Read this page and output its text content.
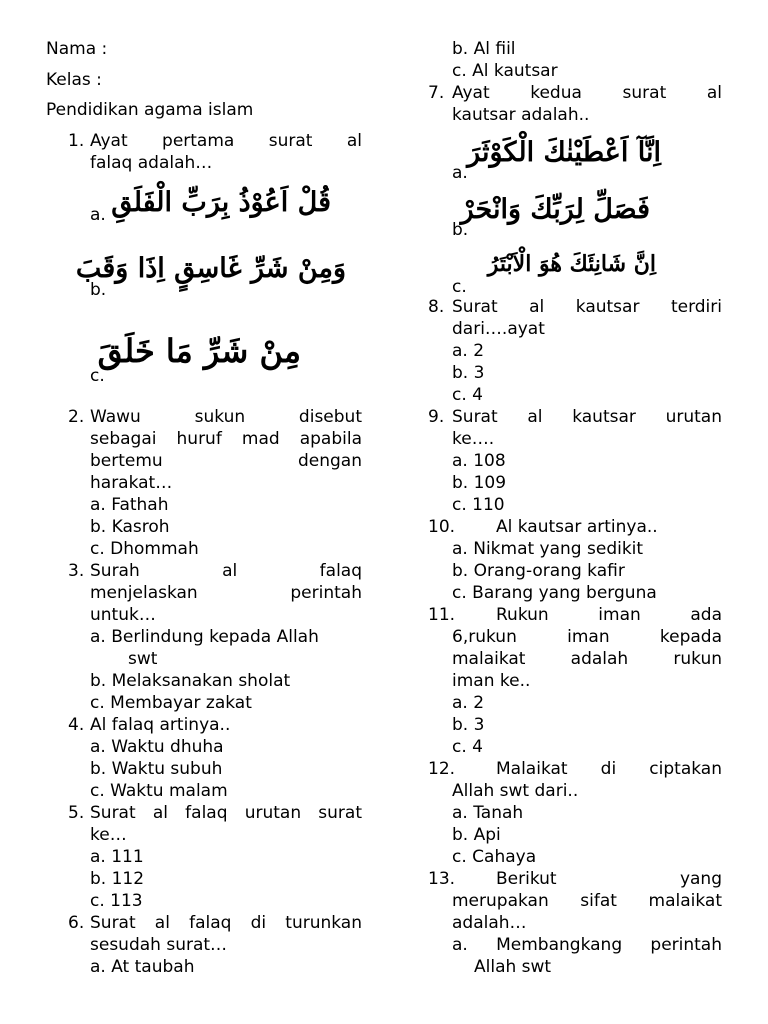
Nama :
Kelas :
Pendidikan agama islam
1. Ayat pertama surat al
falaq adalah…
a. قُلْ اَعُوْذُ بِرَبِّ الْفَلَقِ
b.
وَمِنْ شَرِّ غَاسِقٍ اِذَا وَقَبَ
c.
مِنْ شَرِّ مَا خَلَقَ
2. Wawu sukun disebut
sebagai huruf mad apabila
bertemu dengan
harakat…
a. Fathah
b. Kasroh
c. Dhommah
3. Surah al falaq
menjelaskan perintah
untuk…
a. Berlindung kepada Allah
swt
b. Melaksanakan sholat
c. Membayar zakat
4. Al falaq artinya..
a. Waktu dhuha
b. Waktu subuh
c. Waktu malam
5. Surat al falaq urutan surat
ke…
a. 111
b. 112
c. 113
6. Surat al falaq di turunkan
sesudah surat…
a. At taubah
b. Al fiil
c. Al kautsar
7. Ayat kedua surat al
kautsar adalah..
a.
اِنَّآ اَعْطَيْنٰكَ الْكَوْثَرَ
b.
فَصَلِّ لِرَبِّكَ وَانْحَرْ
c.
اِنَّ شَانِئَكَ هُوَ الْاَبْتَرُ
8. Surat al kautsar terdiri
dari….ayat
a. 2
b. 3
c. 4
9. Surat al kautsar urutan
ke….
a. 108
b. 109
c. 110
10. Al kautsar artinya..
a. Nikmat yang sedikit
b. Orang-orang kafir
c. Barang yang berguna
11. Rukun iman ada
6,rukun iman kepada
malaikat adalah rukun
iman ke..
a. 2
b. 3
c. 4
12. Malaikat di ciptakan
Allah swt dari..
a. Tanah
b. Api
c. Cahaya
13. Berikut yang
merupakan sifat malaikat
adalah…
a. Membangkang perintah
Allah swt
